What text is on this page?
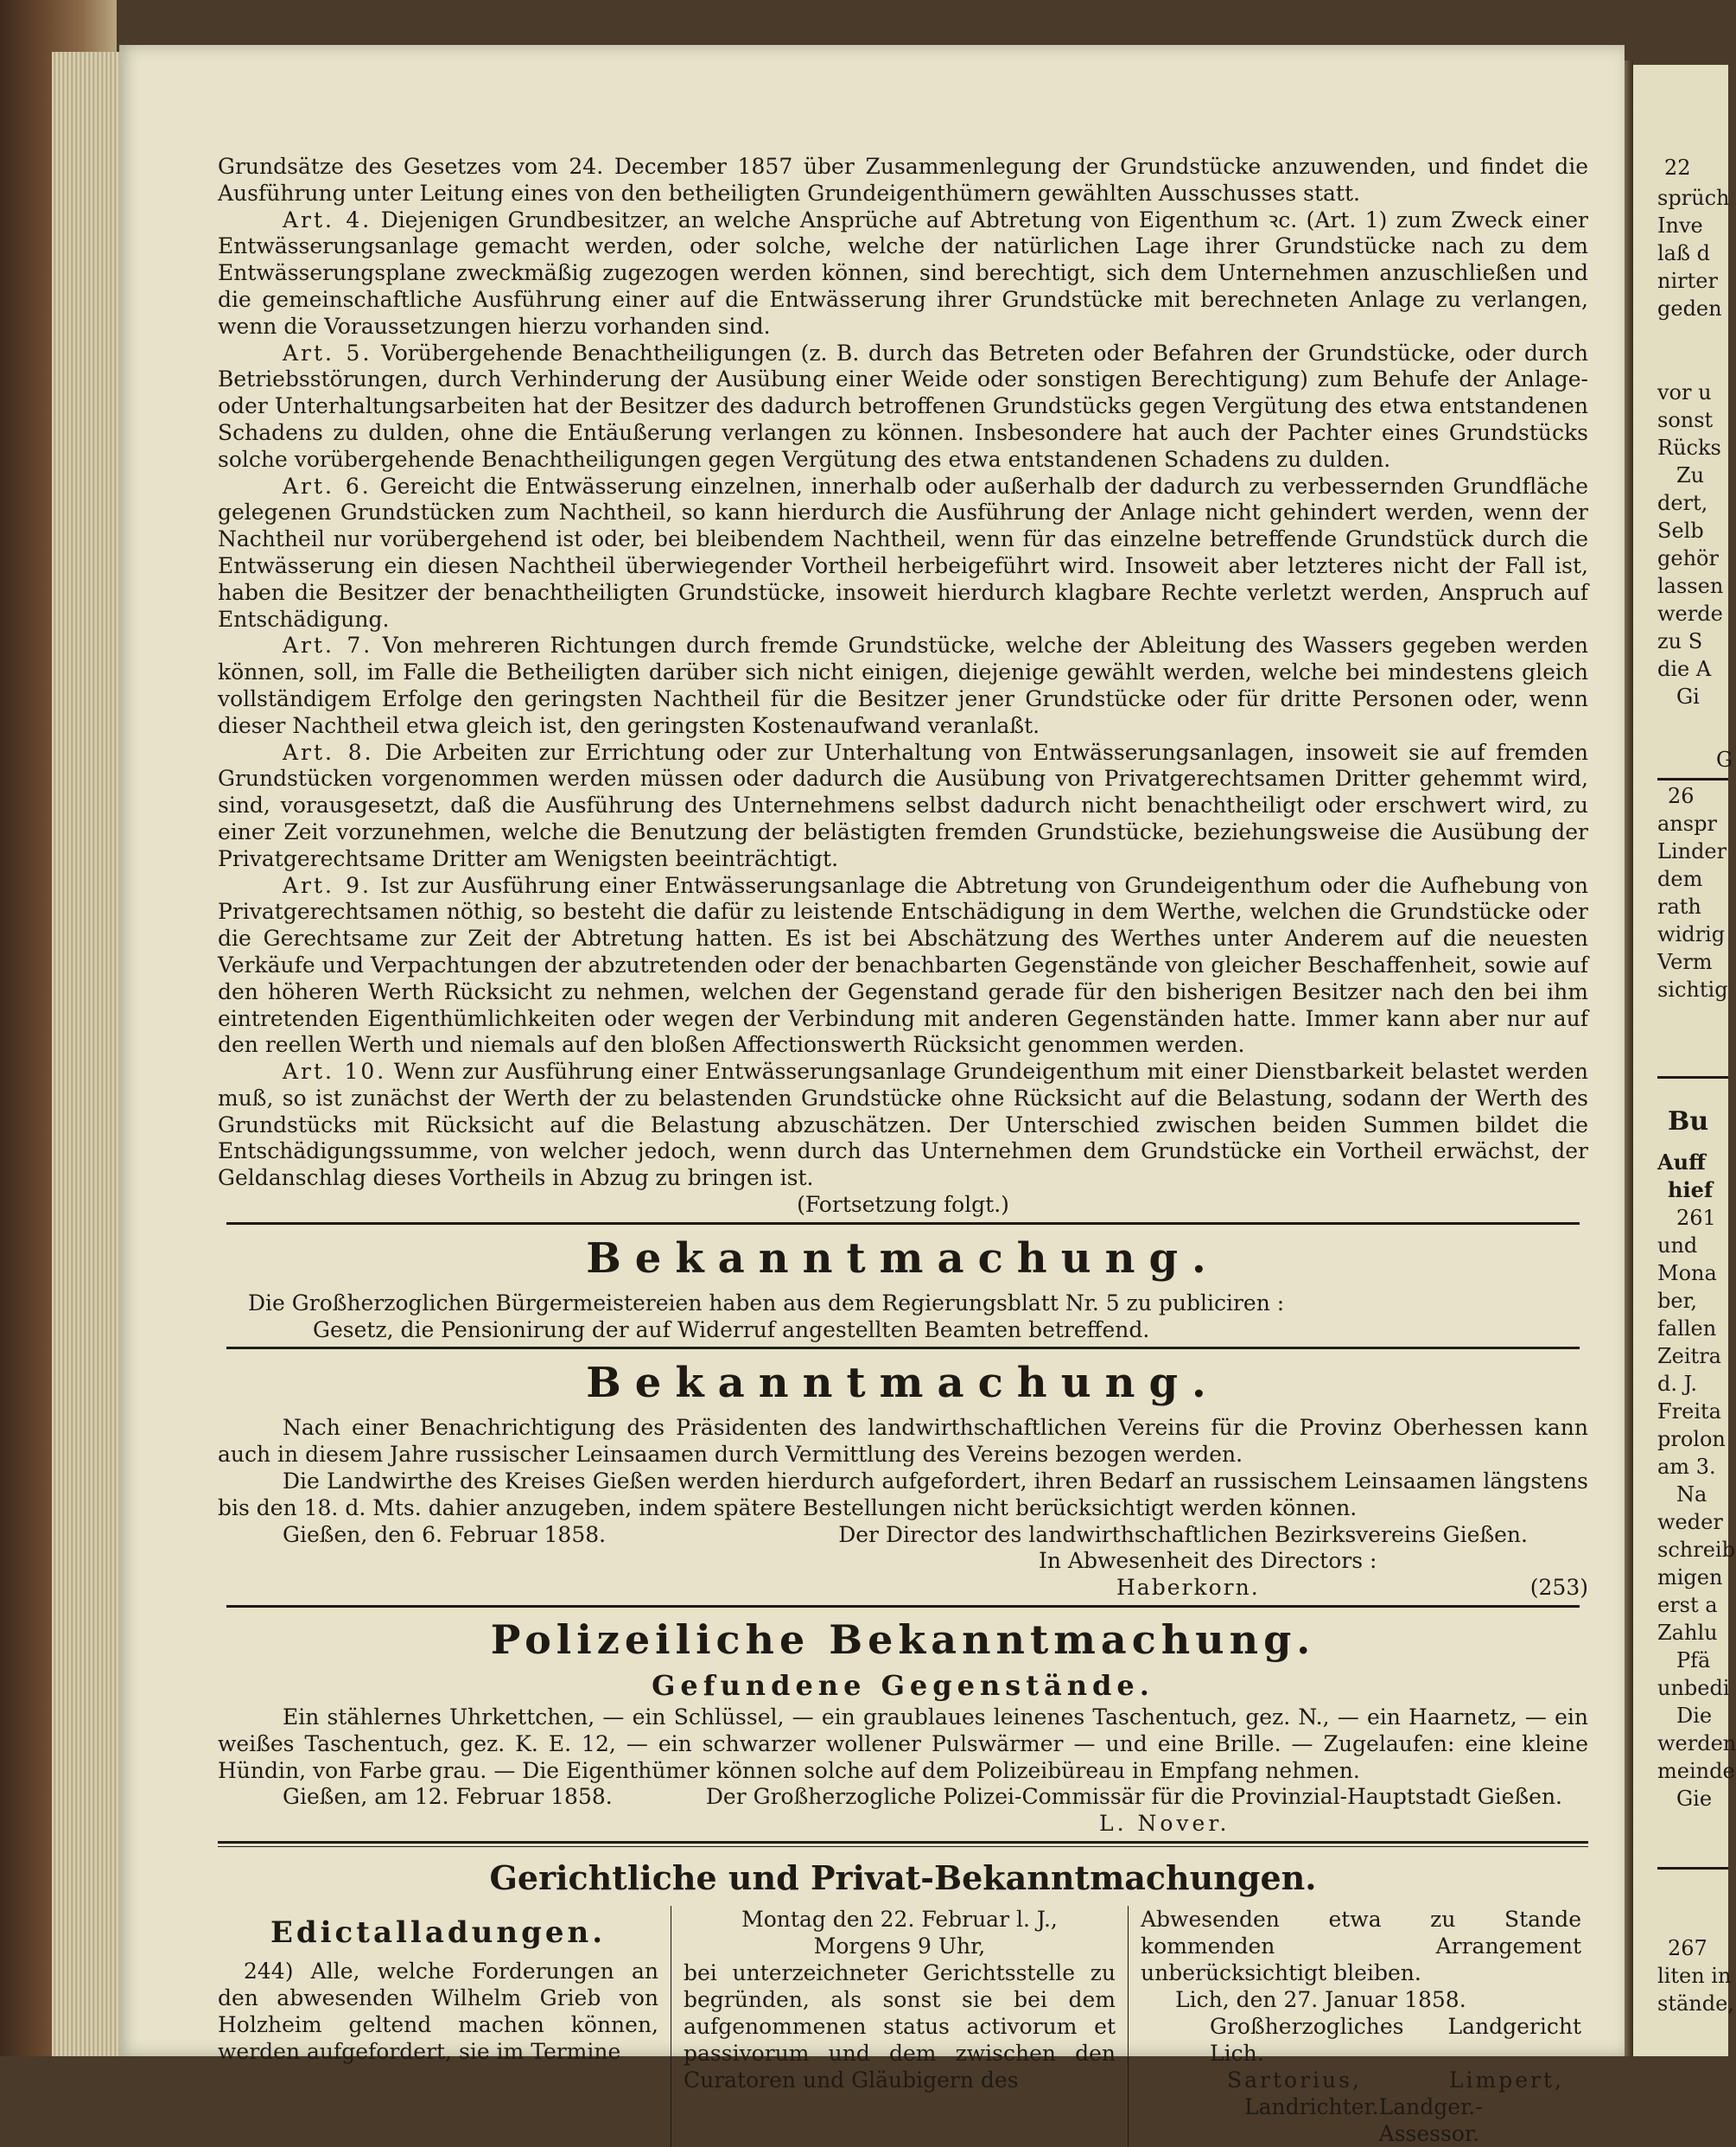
22
sprüch
Inve
laß d
nirter
geden
vor u
sonst
Rücks
Zu
dert,
Selb
gehör
lassen
werde
zu S
die A
Gi
G
26
anspr
Linder
dem
rath
widrig
Verm
sichtig
Bu
Auff
hief
261
und
Mona
ber,
fallen
Zeitra
d. J.
Freita
prolon
am 3.
Na
weder
schreib
migen
erst a
Zahlu
Pfä
unbedi
Die
werden
meinde
Gie
267
liten in
stände,

Grundsätze des Gesetzes vom 24. December 1857 über Zusammenlegung der Grundstücke anzuwenden, und findet die Ausführung unter Leitung eines von den betheiligten Grundeigenthümern gewählten Ausschusses statt.

Art. 4. Diejenigen Grundbesitzer, an welche Ansprüche auf Abtretung von Eigenthum ꝛc. (Art. 1) zum Zweck einer Entwässerungsanlage gemacht werden, oder solche, welche der natürlichen Lage ihrer Grundstücke nach zu dem Entwässerungsplane zweckmäßig zugezogen werden können, sind berechtigt, sich dem Unternehmen anzuschließen und die gemeinschaftliche Ausführung einer auf die Entwässerung ihrer Grundstücke mit berechneten Anlage zu verlangen, wenn die Voraussetzungen hierzu vorhanden sind.

Art. 5. Vorübergehende Benachtheiligungen (z. B. durch das Betreten oder Befahren der Grundstücke, oder durch Betriebsstörungen, durch Verhinderung der Ausübung einer Weide oder sonstigen Berechtigung) zum Behufe der Anlage- oder Unterhaltungsarbeiten hat der Besitzer des dadurch betroffenen Grundstücks gegen Vergütung des etwa entstandenen Schadens zu dulden, ohne die Entäußerung verlangen zu können. Insbesondere hat auch der Pachter eines Grundstücks solche vorübergehende Benachtheiligungen gegen Vergütung des etwa entstandenen Schadens zu dulden.

Art. 6. Gereicht die Entwässerung einzelnen, innerhalb oder außerhalb der dadurch zu verbessernden Grundfläche gelegenen Grundstücken zum Nachtheil, so kann hierdurch die Ausführung der Anlage nicht gehindert werden, wenn der Nachtheil nur vorübergehend ist oder, bei bleibendem Nachtheil, wenn für das einzelne betreffende Grundstück durch die Entwässerung ein diesen Nachtheil überwiegender Vortheil herbeigeführt wird. Insoweit aber letzteres nicht der Fall ist, haben die Besitzer der benachtheiligten Grundstücke, insoweit hierdurch klagbare Rechte verletzt werden, Anspruch auf Entschädigung.

Art. 7. Von mehreren Richtungen durch fremde Grundstücke, welche der Ableitung des Wassers gegeben werden können, soll, im Falle die Betheiligten darüber sich nicht einigen, diejenige gewählt werden, welche bei mindestens gleich vollständigem Erfolge den geringsten Nachtheil für die Besitzer jener Grundstücke oder für dritte Personen oder, wenn dieser Nachtheil etwa gleich ist, den geringsten Kostenaufwand veranlaßt.

Art. 8. Die Arbeiten zur Errichtung oder zur Unterhaltung von Entwässerungsanlagen, insoweit sie auf fremden Grundstücken vorgenommen werden müssen oder dadurch die Ausübung von Privatgerechtsamen Dritter gehemmt wird, sind, vorausgesetzt, daß die Ausführung des Unternehmens selbst dadurch nicht benachtheiligt oder erschwert wird, zu einer Zeit vorzunehmen, welche die Benutzung der belästigten fremden Grundstücke, beziehungsweise die Ausübung der Privatgerechtsame Dritter am Wenigsten beeinträchtigt.

Art. 9. Ist zur Ausführung einer Entwässerungsanlage die Abtretung von Grundeigenthum oder die Aufhebung von Privatgerechtsamen nöthig, so besteht die dafür zu leistende Entschädigung in dem Werthe, welchen die Grundstücke oder die Gerechtsame zur Zeit der Abtretung hatten. Es ist bei Abschätzung des Werthes unter Anderem auf die neuesten Verkäufe und Verpachtungen der abzutretenden oder der benachbarten Gegenstände von gleicher Beschaffenheit, sowie auf den höheren Werth Rücksicht zu nehmen, welchen der Gegenstand gerade für den bisherigen Besitzer nach den bei ihm eintretenden Eigenthümlichkeiten oder wegen der Verbindung mit anderen Gegenständen hatte. Immer kann aber nur auf den reellen Werth und niemals auf den bloßen Affectionswerth Rücksicht genommen werden.

Art. 10. Wenn zur Ausführung einer Entwässerungsanlage Grundeigenthum mit einer Dienstbarkeit belastet werden muß, so ist zunächst der Werth der zu belastenden Grundstücke ohne Rücksicht auf die Belastung, sodann der Werth des Grundstücks mit Rücksicht auf die Belastung abzuschätzen. Der Unterschied zwischen beiden Summen bildet die Entschädigungssumme, von welcher jedoch, wenn durch das Unternehmen dem Grundstücke ein Vortheil erwächst, der Geldanschlag dieses Vortheils in Abzug zu bringen ist.

(Fortsetzung folgt.)

Bekanntmachung.

Die Großherzoglichen Bürgermeistereien haben aus dem Regierungsblatt Nr. 5 zu publiciren :

Gesetz, die Pensionirung der auf Widerruf angestellten Beamten betreffend.

Bekanntmachung.

Nach einer Benachrichtigung des Präsidenten des landwirthschaftlichen Vereins für die Provinz Oberhessen kann auch in diesem Jahre russischer Leinsaamen durch Vermittlung des Vereins bezogen werden.

Die Landwirthe des Kreises Gießen werden hierdurch aufgefordert, ihren Bedarf an russischem Leinsaamen längstens bis den 18. d. Mts. dahier anzugeben, indem spätere Bestellungen nicht berücksichtigt werden können.

Gießen, den 6. Februar 1858.	Der Director des landwirthschaftlichen Bezirksvereins Gießen.

In Abwesenheit des Directors :

Haberkorn.	(253)
Polizeiliche Bekanntmachung.
Gefundene Gegenstände.

Ein stählernes Uhrkettchen, — ein Schlüssel, — ein graublaues leinenes Taschentuch, gez. N., — ein Haarnetz, — ein weißes Taschentuch, gez. K. E. 12, — ein schwarzer wollener Pulswärmer — und eine Brille. — Zugelaufen: eine kleine Hündin, von Farbe grau. — Die Eigenthümer können solche auf dem Polizeibüreau in Empfang nehmen.

Gießen, am 12. Februar 1858.	Der Großherzogliche Polizei-Commissär für die Provinzial-Hauptstadt Gießen.

L. Nover.

Gerichtliche und Privat-Bekanntmachungen.
Edictalladungen.

244) Alle, welche Forderungen an den abwesenden Wilhelm Grieb von Holzheim geltend machen können, werden aufgefordert, sie im Termine

Montag den 22. Februar l. J.,

Morgens 9 Uhr,

bei unterzeichneter Gerichtsstelle zu begründen, als sonst sie bei dem aufgenommenen status activorum et passivorum und dem zwischen den Curatoren und Gläubigern des

Abwesenden etwa zu Stande kommenden Arrangement unberücksichtigt bleiben.

Lich, den 27. Januar 1858.

Großherzogliches Landgericht Lich.

Sartorius,	Limpert,
Landrichter. Landger.-Assessor.
